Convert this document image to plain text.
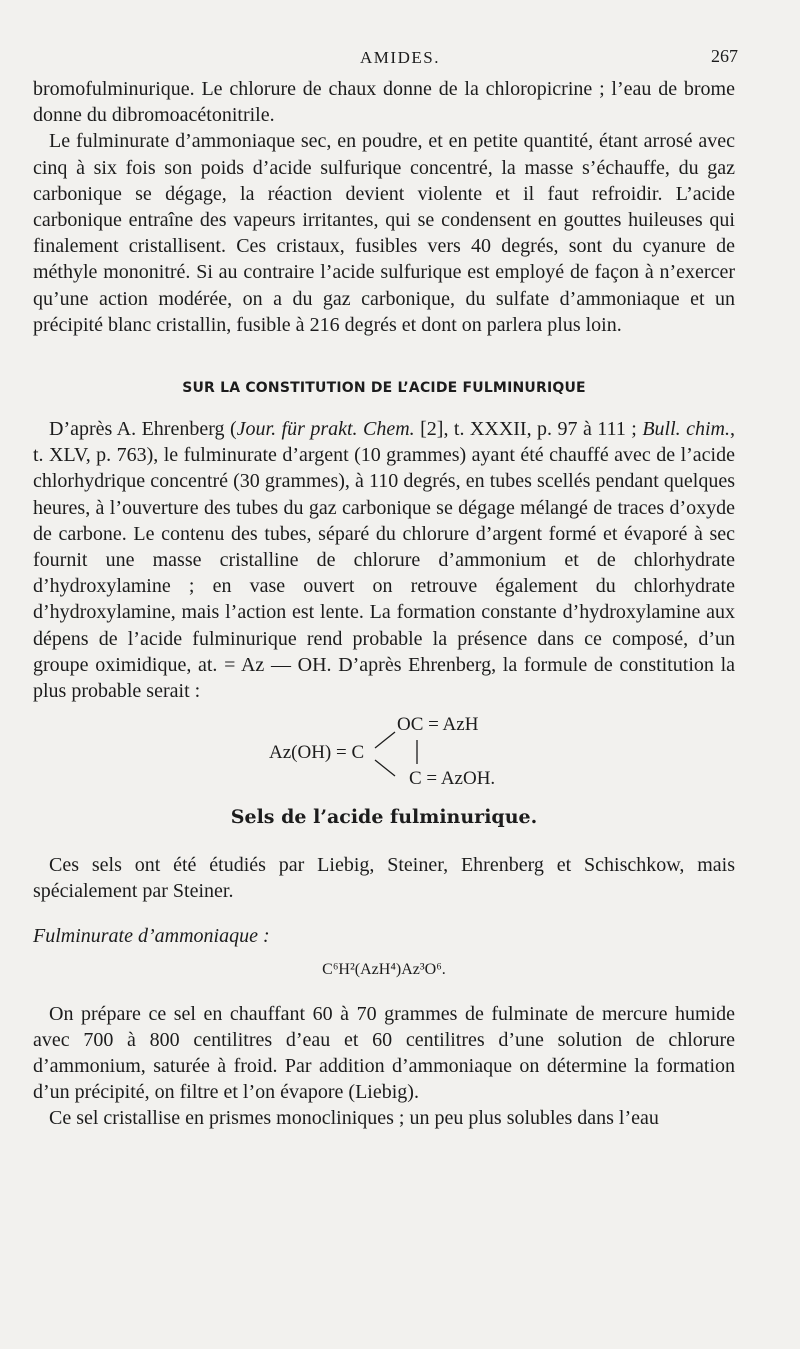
AMIDES.	267

bromofulminurique. Le chlorure de chaux donne de la chloropicrine ; l’eau de brome donne du dibromoacétonitrile.

Le fulminurate d’ammoniaque sec, en poudre, et en petite quantité, étant arrosé avec cinq à six fois son poids d’acide sulfurique concentré, la masse s’échauffe, du gaz carbonique se dégage, la réaction devient violente et il faut refroidir. L’acide carbonique entraîne des vapeurs irritantes, qui se condensent en gouttes huileuses qui finalement cristallisent. Ces cristaux, fusibles vers 40 degrés, sont du cyanure de méthyle mononitré. Si au contraire l’acide sulfurique est employé de façon à n’exercer qu’une action modérée, on a du gaz carbonique, du sulfate d’ammoniaque et un précipité blanc cristallin, fusible à 216 degrés et dont on parlera plus loin.

SUR LA CONSTITUTION DE L’ACIDE FULMINURIQUE

D’après A. Ehrenberg (Jour. für prakt. Chem. [2], t. XXXII, p. 97 à 111 ; Bull. chim., t. XLV, p. 763), le fulminurate d’argent (10 grammes) ayant été chauffé avec de l’acide chlorhydrique concentré (30 grammes), à 110 degrés, en tubes scellés pendant quelques heures, à l’ouverture des tubes du gaz carbonique se dégage mélangé de traces d’oxyde de carbone. Le contenu des tubes, séparé du chlorure d’argent formé et évaporé à sec fournit une masse cristalline de chlorure d’ammonium et de chlorhydrate d’hydroxylamine ; en vase ouvert on retrouve également du chlorhydrate d’hydroxylamine, mais l’action est lente. La formation constante d’hydroxylamine aux dépens de l’acide fulminurique rend probable la présence dans ce composé, d’un groupe oximidique, at. = Az — OH. D’après Ehrenberg, la formule de constitution la plus probable serait :

Az(OH) = C
OC = AzH
C = AzOH.
Sels de l’acide fulminurique.

Ces sels ont été étudiés par Liebig, Steiner, Ehrenberg et Schischkow, mais spécialement par Steiner.

Fulminurate d’ammoniaque :
C⁶H²(AzH⁴)Az³O⁶.

On prépare ce sel en chauffant 60 à 70 grammes de fulminate de mercure humide avec 700 à 800 centilitres d’eau et 60 centilitres d’une solution de chlorure d’ammonium, saturée à froid. Par addition d’ammoniaque on détermine la formation d’un précipité, on filtre et l’on évapore (Liebig).

Ce sel cristallise en prismes monocliniques ; un peu plus solubles dans l’eau
